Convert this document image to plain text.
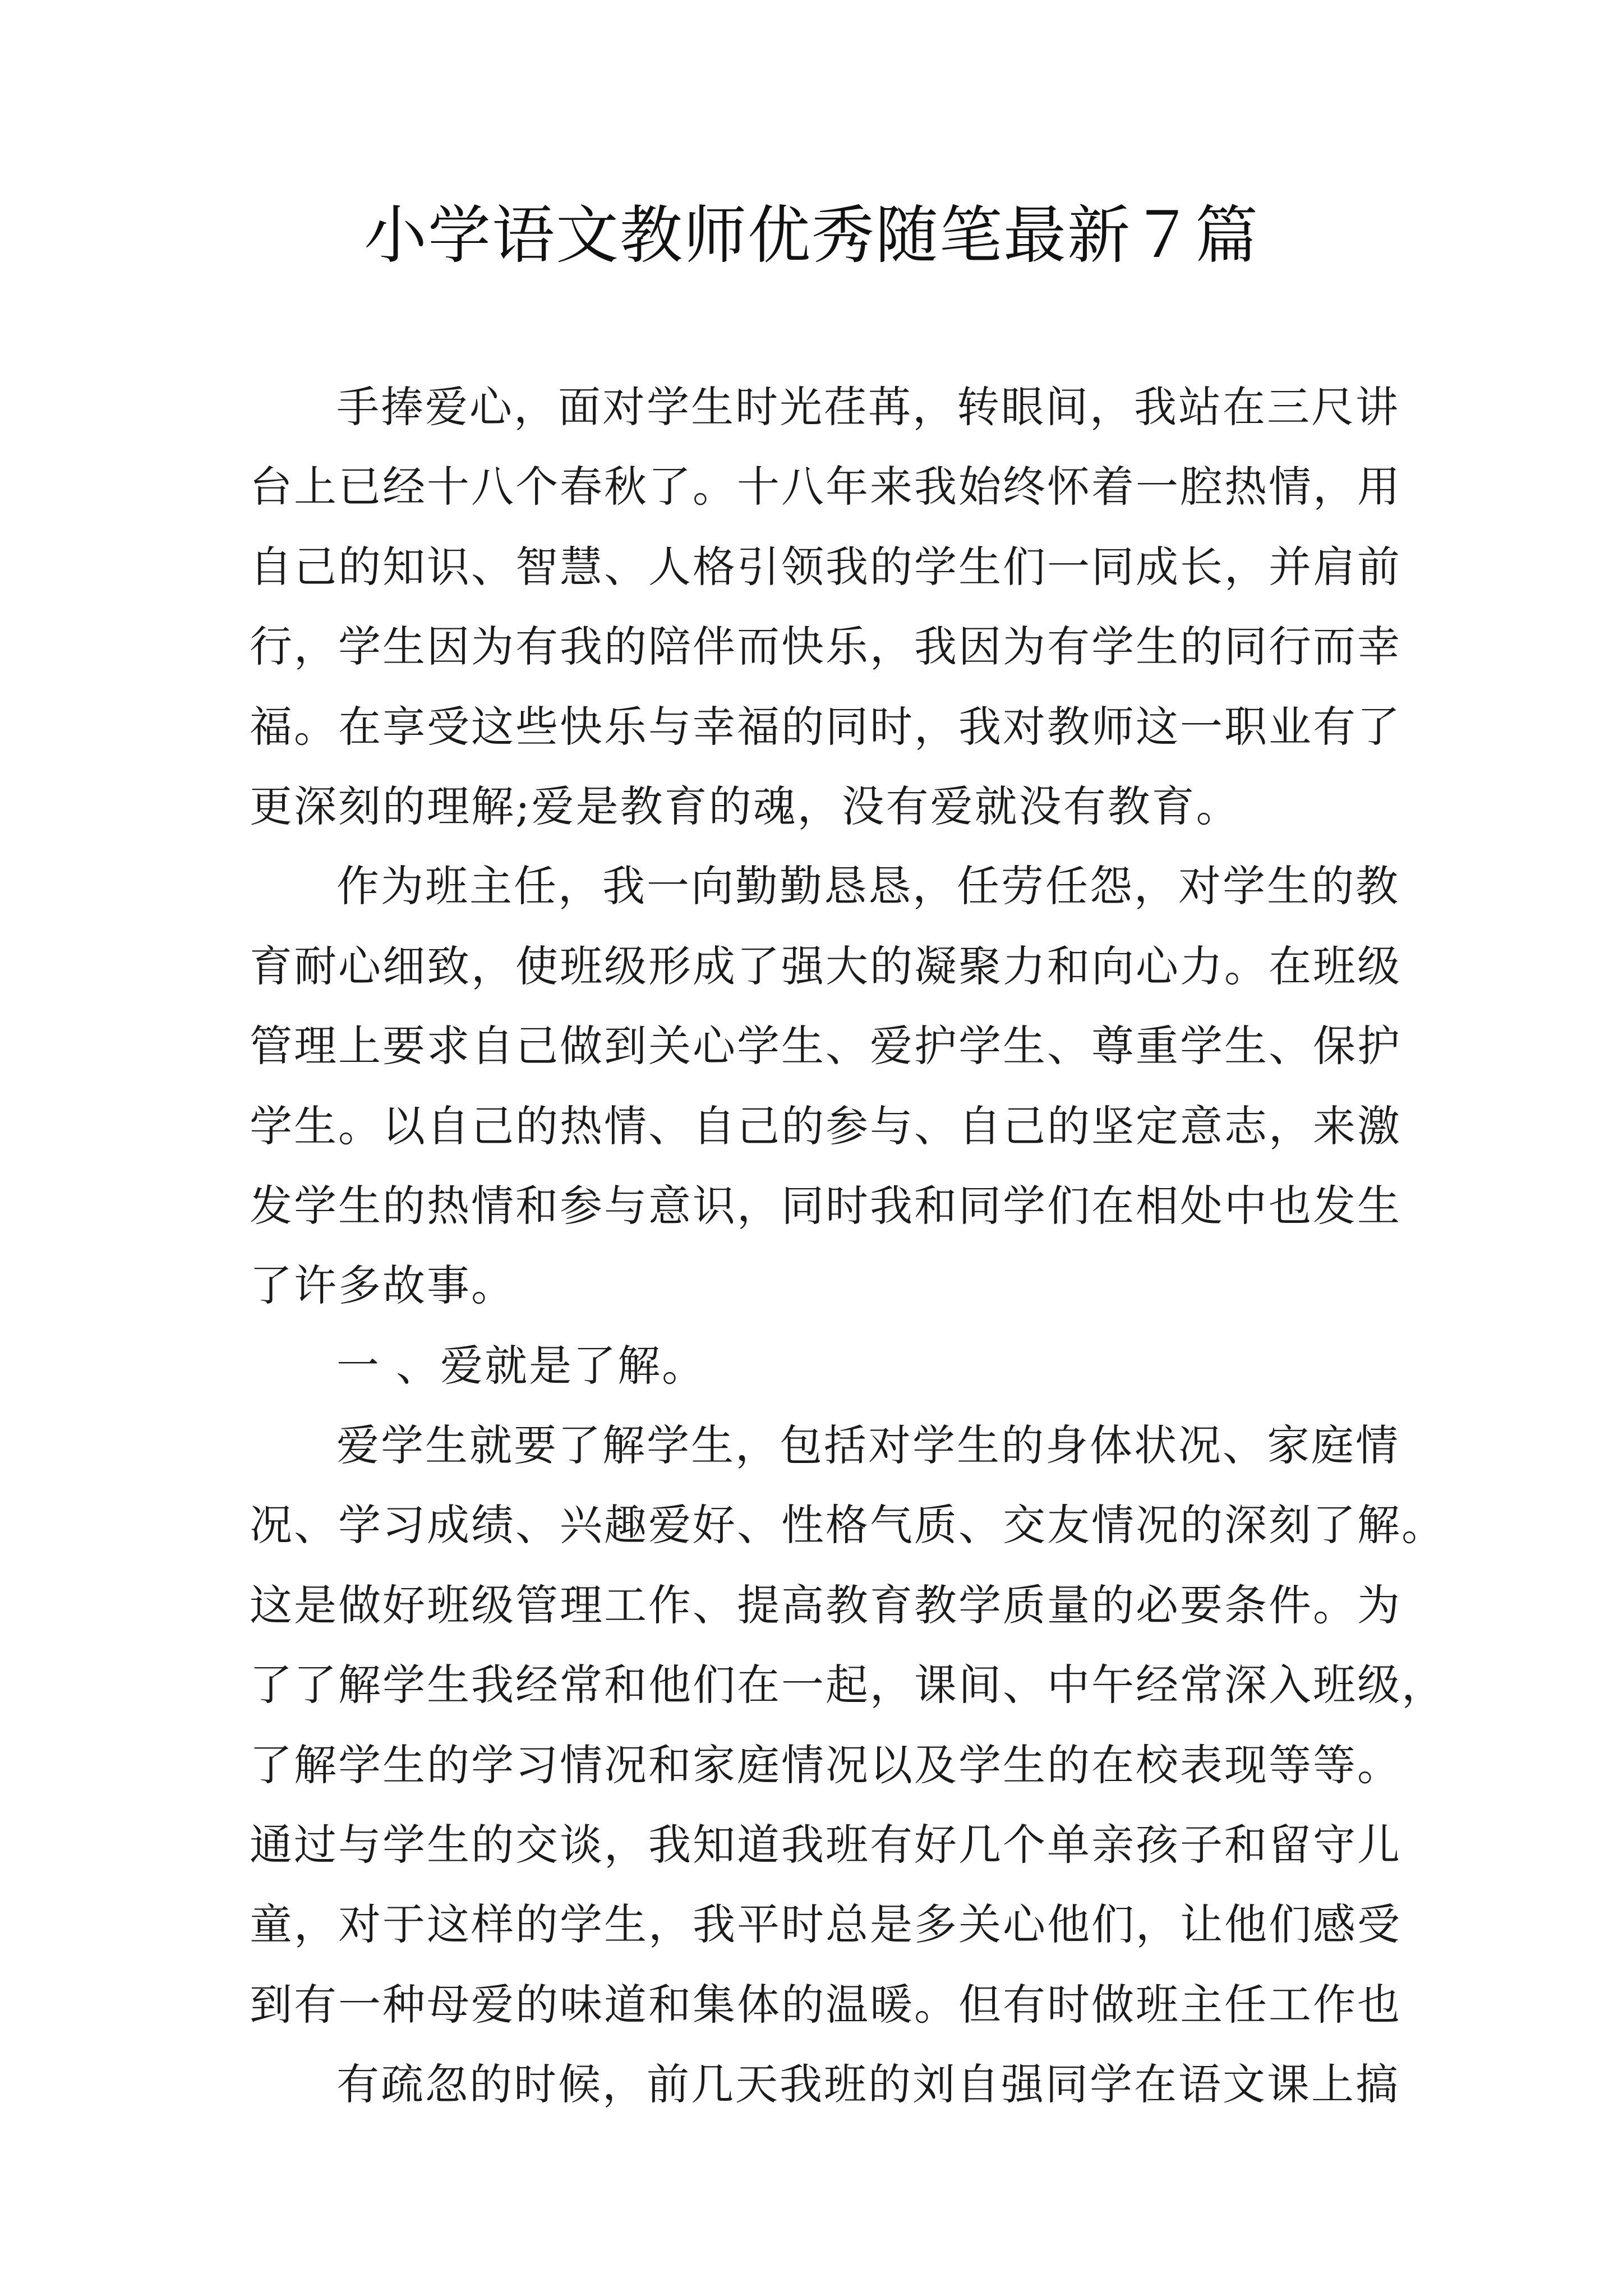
小学语文教师优秀随笔最新７篇
手捧爱心，面对学生时光荏苒，转眼间，我站在三尺讲
台上已经十八个春秋了。十八年来我始终怀着一腔热情，用
自己的知识、智慧、人格引领我的学生们一同成长，并肩前
行，学生因为有我的陪伴而快乐，我因为有学生的同行而幸
福。在享受这些快乐与幸福的同时，我对教师这一职业有了
更深刻的理解;爱是教育的魂，没有爱就没有教育。
作为班主任，我一向勤勤恳恳，任劳任怨，对学生的教
育耐心细致，使班级形成了强大的凝聚力和向心力。在班级
管理上要求自己做到关心学生、爱护学生、尊重学生、保护
学生。以自己的热情、自己的参与、自己的坚定意志，来激
发学生的热情和参与意识，同时我和同学们在相处中也发生
了许多故事。
一 、爱就是了解。
爱学生就要了解学生，包括对学生的身体状况、家庭情
况、学习成绩、兴趣爱好、性格气质、交友情况的深刻了解。
这是做好班级管理工作、提高教育教学质量的必要条件。为
了了解学生我经常和他们在一起，课间、中午经常深入班级，
了解学生的学习情况和家庭情况以及学生的在校表现等等。
通过与学生的交谈，我知道我班有好几个单亲孩子和留守儿
童，对于这样的学生，我平时总是多关心他们，让他们感受
到有一种母爱的味道和集体的温暖。但有时做班主任工作也
有疏忽的时候，前几天我班的刘自强同学在语文课上搞
